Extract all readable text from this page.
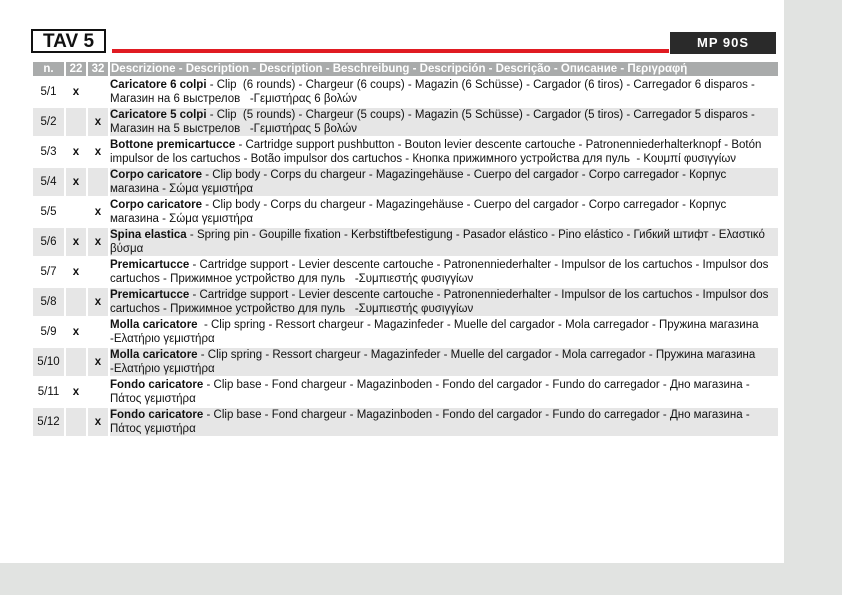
TAV 5	MP 90S
n.	22	32	Descrizione - Description - Description - Beschreibung - Descripción - Descrição - Описание - Περιγραφή
5/1	x		Caricatore 6 colpi - Clip  (6 rounds) - Chargeur (6 coups) - Magazin (6 Schüsse) - Cargador (6 tiros) - Carregador 6 disparos - Магазин на 6 выстрелов   -Γεμιστήρας 6 βολών
5/2		x	Caricatore 5 colpi - Clip  (5 rounds) - Chargeur (5 coups) - Magazin (5 Schüsse) - Cargador (5 tiros) - Carregador 5 disparos - Магазин на 5 выстрелов   -Γεμιστήρας 5 βολών
5/3	x	x	Bottone premicartucce - Cartridge support pushbutton - Bouton levier descente cartouche - Patronenniederhalterknopf - Botón impulsor de los cartuchos - Botão impulsor dos cartuchos - Кнопка прижимного устройства для пуль  - Κουμπί φυσιγγίων
5/4	x		Corpo caricatore - Clip body - Corps du chargeur - Magazingehäuse - Cuerpo del cargador - Corpo carregador - Корпус магазина - Σώμα γεμιστήρα
5/5		x	Corpo caricatore - Clip body - Corps du chargeur - Magazingehäuse - Cuerpo del cargador - Corpo carregador - Корпус магазина - Σώμα γεμιστήρα
5/6	x	x	Spina elastica - Spring pin - Goupille fixation - Kerbstiftbefestigung - Pasador elástico - Pino elástico - Гибкий штифт - Ελαστικό βύσμα
5/7	x		Premicartucce - Cartridge support - Levier descente cartouche - Patronenniederhalter - Impulsor de los cartuchos - Impulsor dos cartuchos - Прижимное устройство для пуль   -Συμπιεστής φυσιγγίων
5/8		x	Premicartucce - Cartridge support - Levier descente cartouche - Patronenniederhalter - Impulsor de los cartuchos - Impulsor dos cartuchos - Прижимное устройство для пуль   -Συμπιεστής φυσιγγίων
5/9	x		Molla caricatore  - Clip spring - Ressort chargeur - Magazinfeder - Muelle del cargador - Mola carregador - Пружина магазина   -Ελατήριο γεμιστήρα
5/10		x	Molla caricatore - Clip spring - Ressort chargeur - Magazinfeder - Muelle del cargador - Mola carregador - Пружина магазина   -Ελατήριο γεμιστήρα
5/11	x		Fondo caricatore - Clip base - Fond chargeur - Magazinboden - Fondo del cargador - Fundo do carregador - Дно магазина - Πάτος γεμιστήρα
5/12		x	Fondo caricatore - Clip base - Fond chargeur - Magazinboden - Fondo del cargador - Fundo do carregador - Дно магазина - Πάτος γεμιστήρα
